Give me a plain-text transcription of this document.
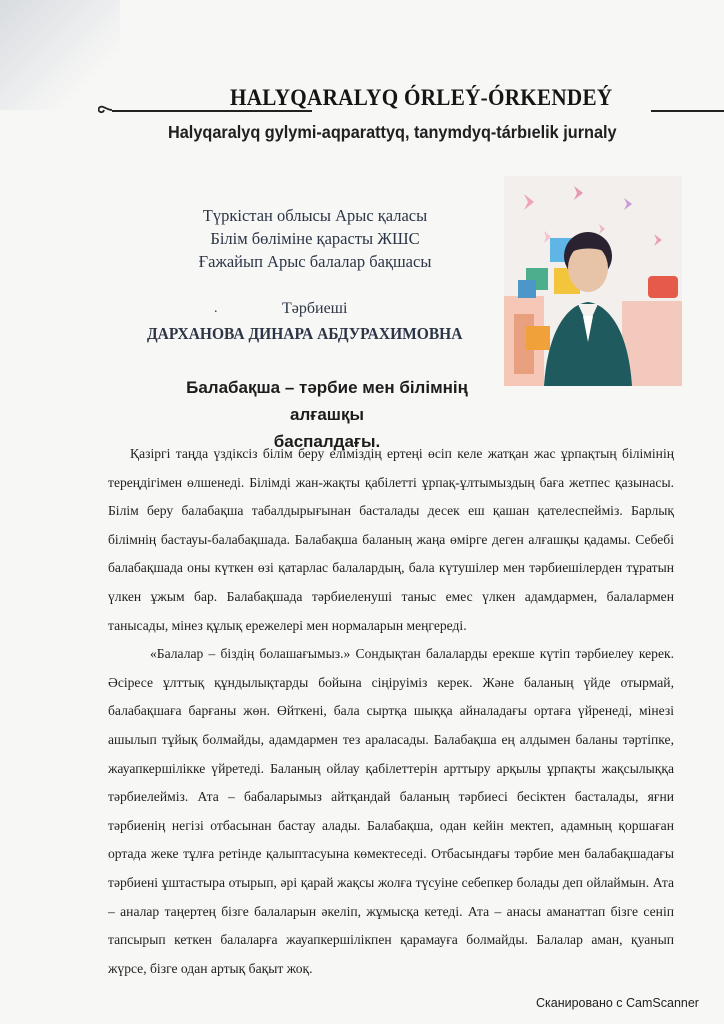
HALYQARALYQ ÓRLEÝ-ÓRKENDEÝ
Halyqaralyq gylymi-aqparattyq, tanymdyq-tárbıelik jurnaly
Түркістан облысы Арыс қаласы
Білім бөліміне қарасты ЖШС
Ғажайып Арыс балалар бақшасы
.	Тәрбиеші
ДАРХАНОВА ДИНАРА АБДУРАХИМОВНА
Балабақша – тәрбие мен білімнің алғашқы
баспалдағы.

Қазіргі таңда үздіксіз білім беру еліміздің ертеңі өсіп келе жатқан жас ұрпақтың білімінің тереңдігімен өлшенеді. Білімді жан-жақты қабілетті ұрпақ-ұлтымыздың баға жетпес қазынасы. Білім беру балабақша табалдырығынан басталады десек еш қашан қателеспейміз. Барлық білімнің бастауы-балабақшада. Балабақша баланың жаңа өмірге деген алғашқы қадамы. Себебі балабақшада оны күткен өзі қатарлас балалардың, бала күтушілер мен тәрбиешілерден тұратын үлкен ұжым бар. Балабақшада тәрбиеленуші таныс емес үлкен адамдармен, балалармен танысады, мінез құлық ережелері мен нормаларын меңгереді.

«Балалар – біздің болашағымыз.» Сондықтан балаларды ерекше күтіп тәрбиелеу керек. Әсіресе ұлттық құндылықтарды бойына сіңіруіміз керек. Және баланың үйде отырмай, балабақшаға барғаны жөн. Өйткені, бала сыртқа шыққа айналадағы ортаға үйренеді, мінезі ашылып тұйық болмайды, адамдармен тез араласады. Балабақша ең алдымен баланы тәртіпке, жауапкершілікке үйретеді. Баланың ойлау қабілеттерін арттыру арқылы ұрпақты жақсылыққа тәрбиелейміз. Ата – бабаларымыз айтқандай баланың тәрбиесі бесіктен басталады, яғни тәрбиенің негізі отбасынан бастау алады. Балабақша, одан кейін мектеп, адамның қоршаған ортада жеке тұлға ретінде қалыптасуына көмектеседі. Отбасындағы тәрбие мен балабақшадағы тәрбиені ұштастыра отырып, әрі қарай жақсы жолға түсуіне себепкер болады деп ойлаймын. Ата – аналар таңертең бізге балаларын әкеліп, жұмысқа кетеді. Ата – анасы аманаттап бізге сеніп тапсырып кеткен балаларға жауапкершілікпен қарамауға болмайды. Балалар аман, қуанып жүрсе, бізге одан артық бақыт жоқ.

Сканировано с CamScanner
